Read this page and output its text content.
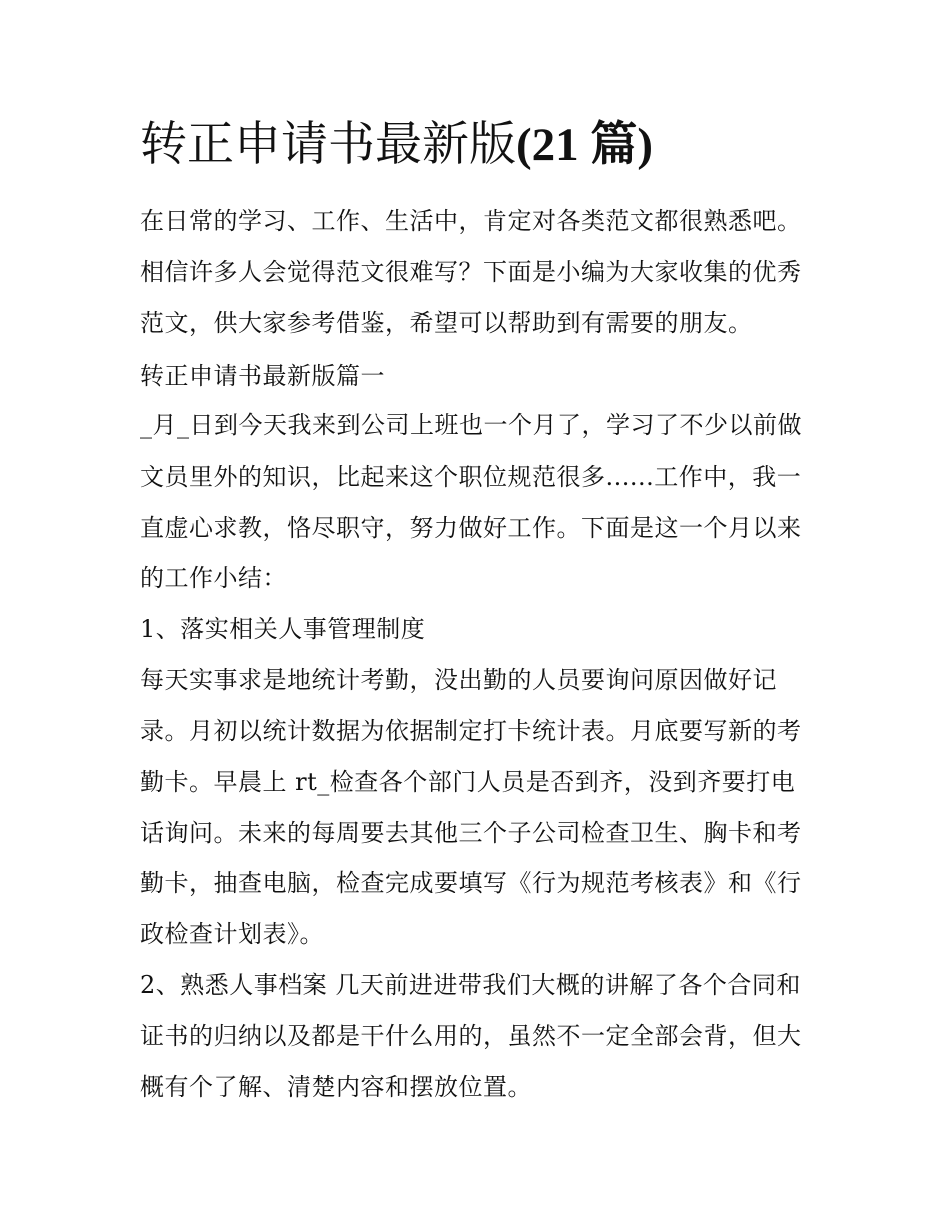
转正申请书最新版(21 篇)

在日常的学习、工作、生活中，肯定对各类范文都很熟悉吧。

相信许多人会觉得范文很难写？下面是小编为大家收集的优秀

范文，供大家参考借鉴，希望可以帮助到有需要的朋友。

转正申请书最新版篇一

_月_日到今天我来到公司上班也一个月了，学习了不少以前做

文员里外的知识，比起来这个职位规范很多......工作中，我一

直虚心求教，恪尽职守，努力做好工作。下面是这一个月以来

的工作小结：

1、落实相关人事管理制度

每天实事求是地统计考勤，没出勤的人员要询问原因做好记

录。月初以统计数据为依据制定打卡统计表。月底要写新的考

勤卡。早晨上 rt_检查各个部门人员是否到齐，没到齐要打电

话询问。未来的每周要去其他三个子公司检查卫生、胸卡和考

勤卡，抽查电脑，检查完成要填写《行为规范考核表》和《行

政检查计划表》。

2、熟悉人事档案 几天前进进带我们大概的讲解了各个合同和

证书的归纳以及都是干什么用的，虽然不一定全部会背，但大

概有个了解、清楚内容和摆放位置。
